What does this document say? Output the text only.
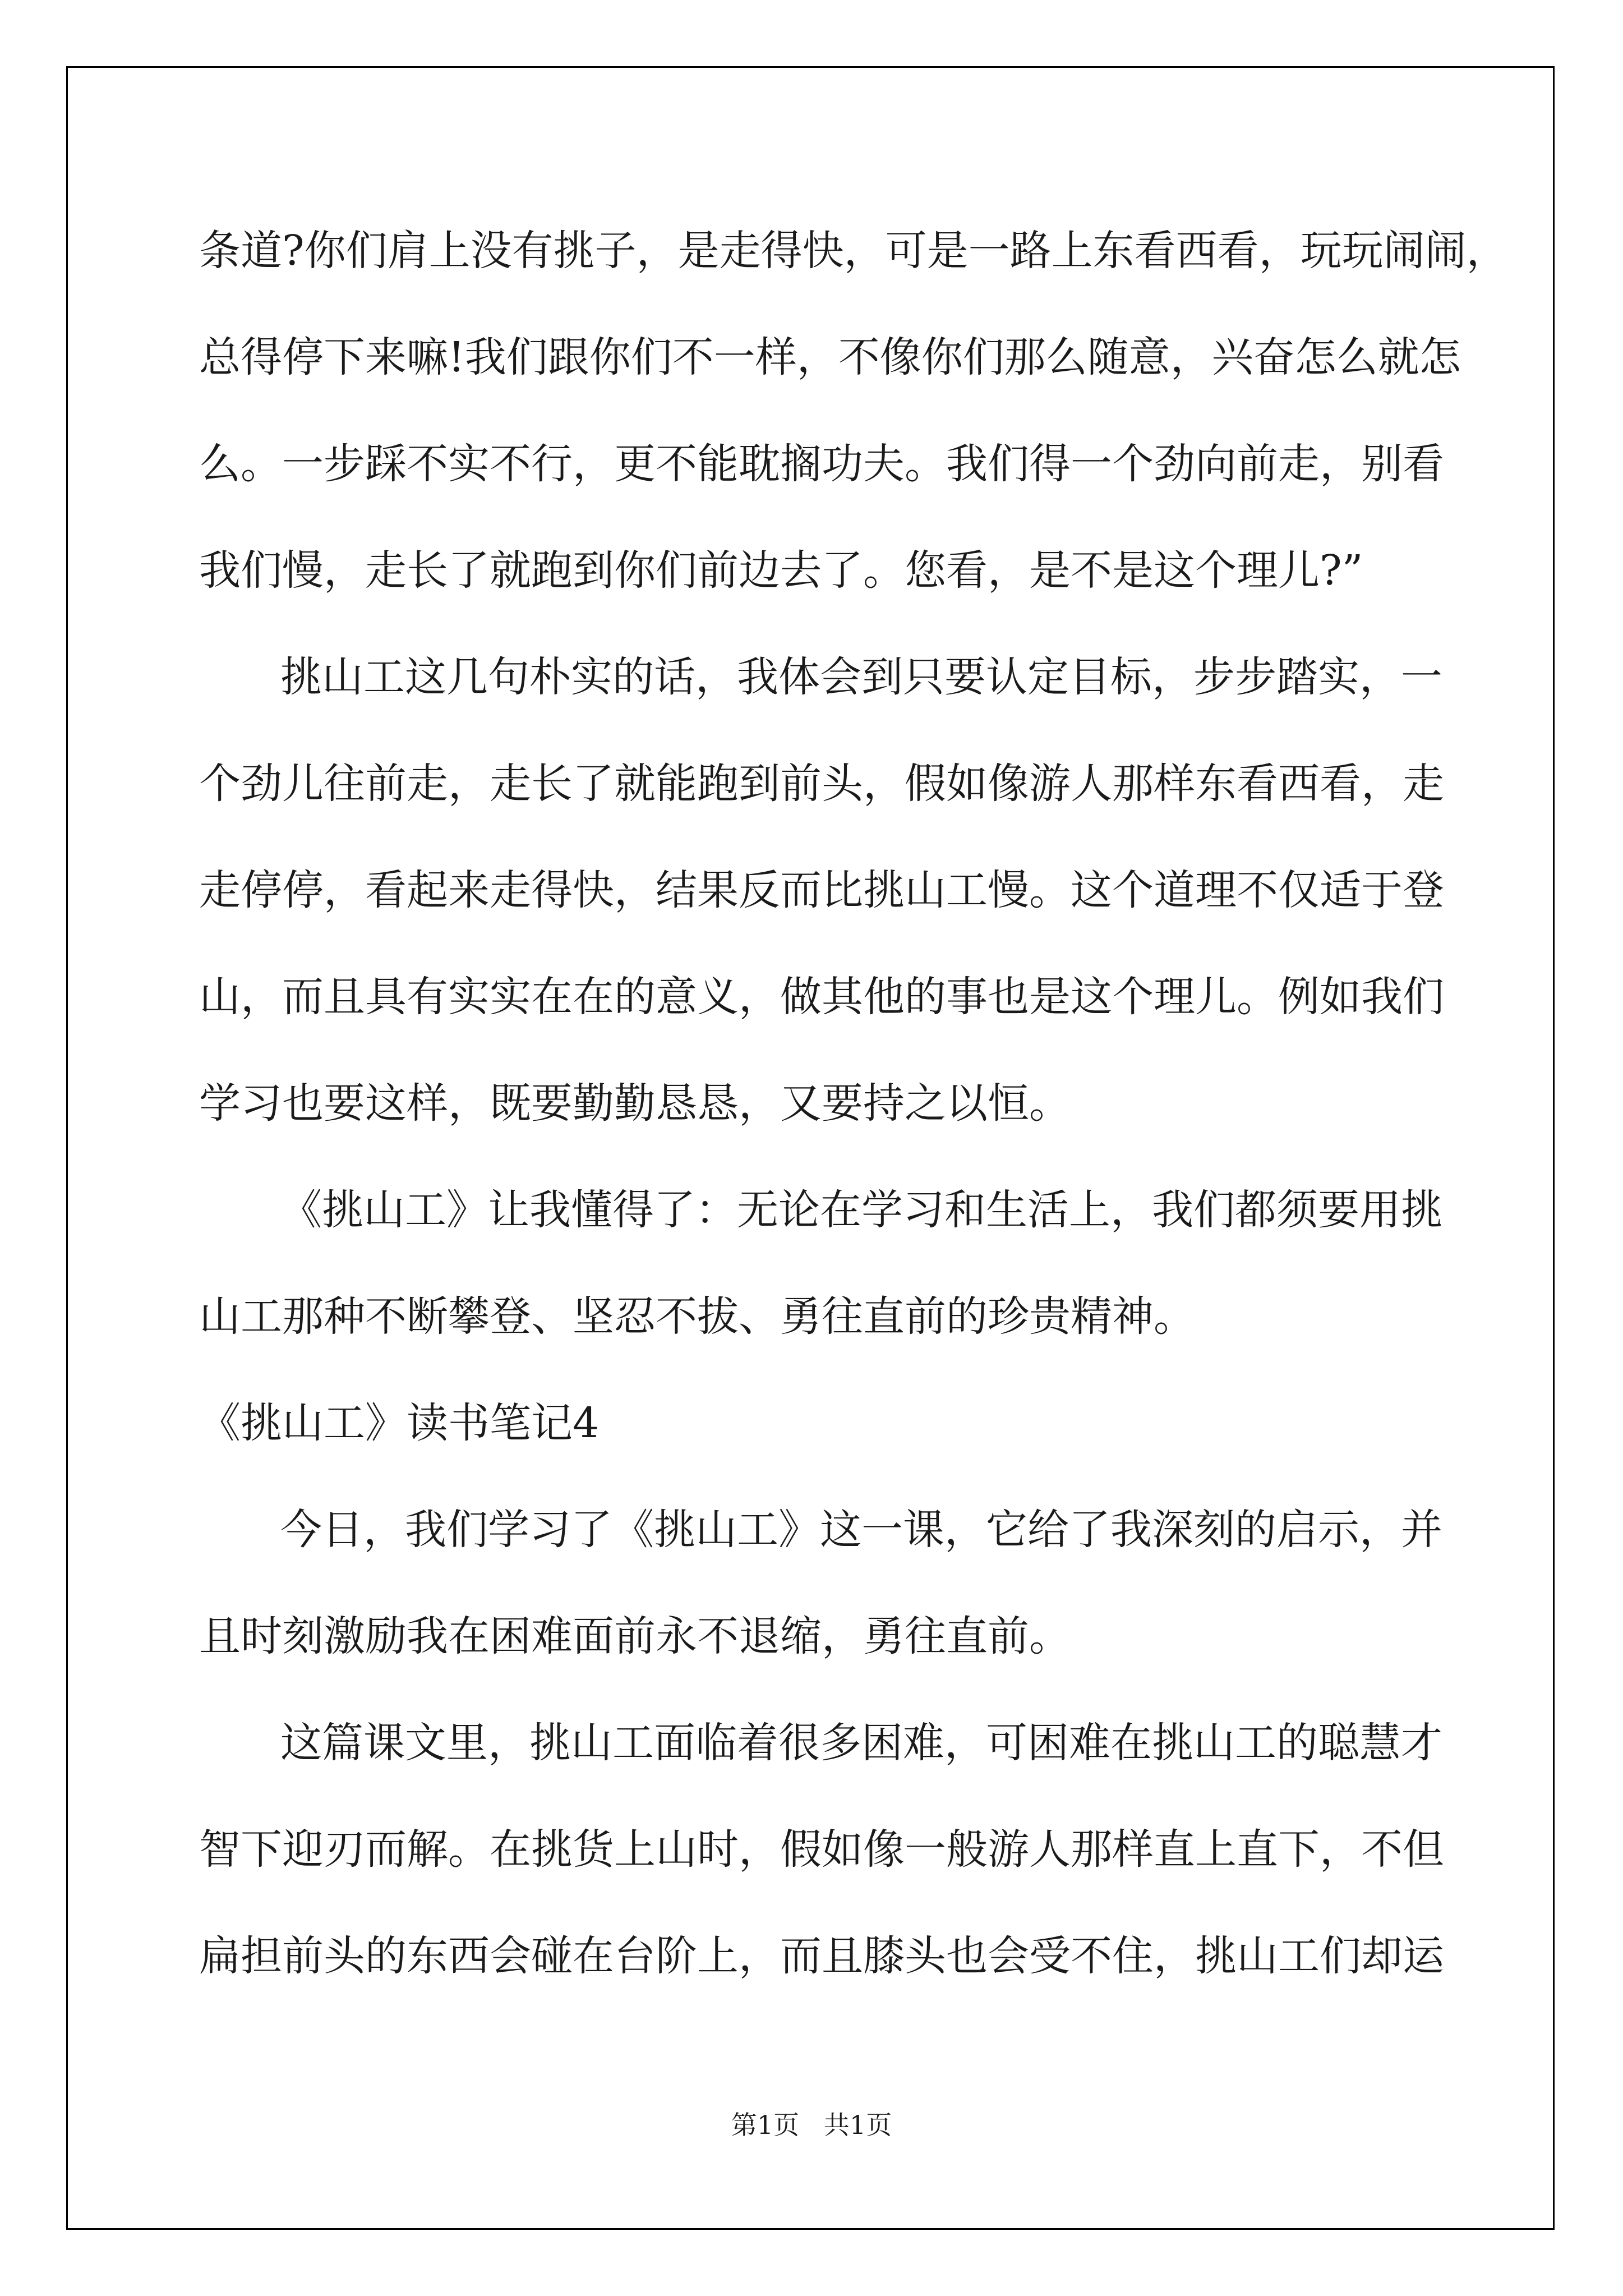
条道?你们肩上没有挑子，是走得快，可是一路上东看西看，玩玩闹闹，

总得停下来嘛!我们跟你们不一样，不像你们那么随意，兴奋怎么就怎

么。一步踩不实不行，更不能耽搁功夫。我们得一个劲向前走，别看

我们慢，走长了就跑到你们前边去了。您看，是不是这个理儿?”

挑山工这几句朴实的话，我体会到只要认定目标，步步踏实，一

个劲儿往前走，走长了就能跑到前头，假如像游人那样东看西看，走

走停停，看起来走得快，结果反而比挑山工慢。这个道理不仅适于登

山，而且具有实实在在的意义，做其他的事也是这个理儿。例如我们

学习也要这样，既要勤勤恳恳，又要持之以恒。

《挑山工》让我懂得了：无论在学习和生活上，我们都须要用挑

山工那种不断攀登、坚忍不拔、勇往直前的珍贵精神。

《挑山工》读书笔记4

今日，我们学习了《挑山工》这一课，它给了我深刻的启示，并

且时刻激励我在困难面前永不退缩，勇往直前。

这篇课文里，挑山工面临着很多困难，可困难在挑山工的聪慧才

智下迎刃而解。在挑货上山时，假如像一般游人那样直上直下，不但

扁担前头的东西会碰在台阶上，而且膝头也会受不住，挑山工们却运

第1页   共1页
